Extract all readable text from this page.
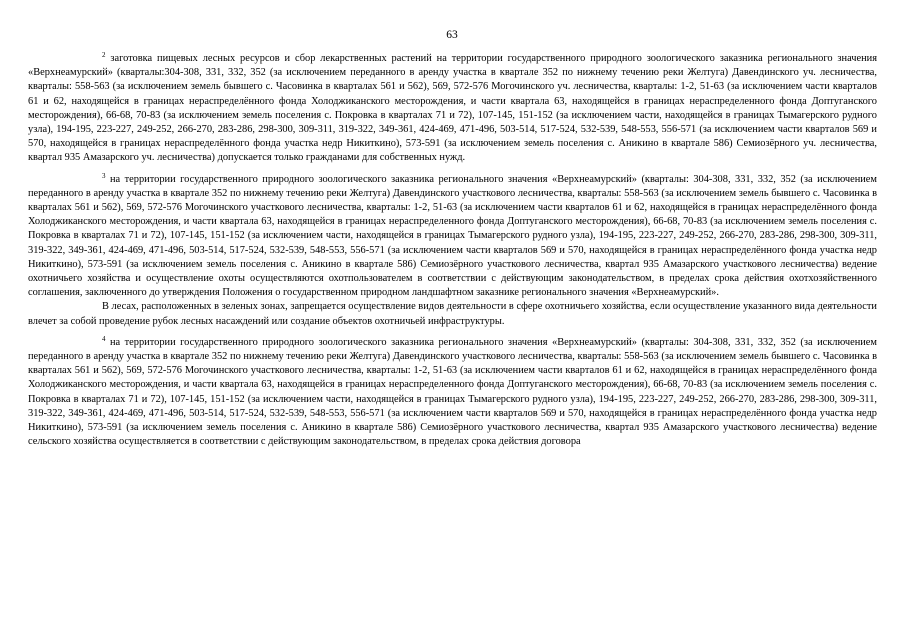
63

$^2$ заготовка пищевых лесных ресурсов и сбор лекарственных растений на территории государственного природного зоологического заказника регионального значения «Верхнеамурский» (кварталы:304-308, 331, 332, 352 (за исключением переданного в аренду участка в квартале 352 по нижнему течению реки Желтуга) Давендинского уч. лесничества, кварталы: 558-563 (за исключением земель бывшего с. Часовинка в кварталах 561 и 562), 569, 572-576 Могочинского уч. лесничества, кварталы: 1-2, 51-63 (за исключением части кварталов 61 и 62, находящейся в границах нераспределённого фонда Холоджиканского месторождения, и части квартала 63, находящейся в границах нераспределенного фонда Доптуганского месторождения), 66-68, 70-83 (за исключением земель поселения с. Покровка в кварталах 71 и 72), 107-145, 151-152 (за исключением части, находящейся в границах Тымагерского рудного узла), 194-195, 223-227, 249-252, 266-270, 283-286, 298-300, 309-311, 319-322, 349-361, 424-469, 471-496, 503-514, 517-524, 532-539, 548-553, 556-571 (за исключением части кварталов 569 и 570, находящейся в границах нераспределённого фонда участка недр Никиткино), 573-591 (за исключением земель поселения с. Аникино в квартале 586) Семиозёрного уч. лесничества, квартал 935 Амазарского уч. лесничества) допускается только гражданами для собственных нужд.

$^3$ на территории государственного природного зоологического заказника регионального значения «Верхнеамурский» (кварталы: 304-308, 331, 332, 352 (за исключением переданного в аренду участка в квартале 352 по нижнему течению реки Желтуга) Давендинского участкового лесничества, кварталы: 558-563 (за исключением земель бывшего с. Часовинка в кварталах 561 и 562), 569, 572-576 Могочинского участкового лесничества, кварталы: 1-2, 51-63 (за исключением части кварталов 61 и 62, находящейся в границах нераспределённого фонда Холоджиканского месторождения, и части квартала 63, находящейся в границах нераспределенного фонда Доптуганского месторождения), 66-68, 70-83 (за исключением земель поселения с. Покровка в кварталах 71 и 72), 107-145, 151-152 (за исключением части, находящейся в границах Тымагерского рудного узла), 194-195, 223-227, 249-252, 266-270, 283-286, 298-300, 309-311, 319-322, 349-361, 424-469, 471-496, 503-514, 517-524, 532-539, 548-553, 556-571 (за исключением части кварталов 569 и 570, находящейся в границах нераспределённого фонда участка недр Никиткино), 573-591 (за исключением земель поселения с. Аникино в квартале 586) Семиозёрного участкового лесничества, квартал 935 Амазарского участкового лесничества) ведение охотничьего хозяйства и осуществление охоты осуществляются охотпользователем в соответствии с действующим законодательством, в пределах срока действия охотхозяйственного соглашения, заключенного до утверждения Положения о государственном природном ландшафтном заказнике регионального значения «Верхнеамурский».

В лесах, расположенных в зеленых зонах, запрещается осуществление видов деятельности в сфере охотничьего хозяйства, если осуществление указанного вида деятельности влечет за собой проведение рубок лесных насаждений или создание объектов охотничьей инфраструктуры.

$^4$ на территории государственного природного зоологического заказника регионального значения «Верхнеамурский» (кварталы: 304-308, 331, 332, 352 (за исключением переданного в аренду участка в квартале 352 по нижнему течению реки Желтуга) Давендинского участкового лесничества, кварталы: 558-563 (за исключением земель бывшего с. Часовинка в кварталах 561 и 562), 569, 572-576 Могочинского участкового лесничества, кварталы: 1-2, 51-63 (за исключением части кварталов 61 и 62, находящейся в границах нераспределённого фонда Холоджиканского месторождения, и части квартала 63, находящейся в границах нераспределенного фонда Доптуганского месторождения), 66-68, 70-83 (за исключением земель поселения с. Покровка в кварталах 71 и 72), 107-145, 151-152 (за исключением части, находящейся в границах Тымагерского рудного узла), 194-195, 223-227, 249-252, 266-270, 283-286, 298-300, 309-311, 319-322, 349-361, 424-469, 471-496, 503-514, 517-524, 532-539, 548-553, 556-571 (за исключением части кварталов 569 и 570, находящейся в границах нераспределённого фонда участка недр Никиткино), 573-591 (за исключением земель поселения с. Аникино в квартале 586) Семиозёрного участкового лесничества, квартал 935 Амазарского участкового лесничества) ведение сельского хозяйства осуществляется в соответствии с действующим законодательством, в пределах срока действия договора
